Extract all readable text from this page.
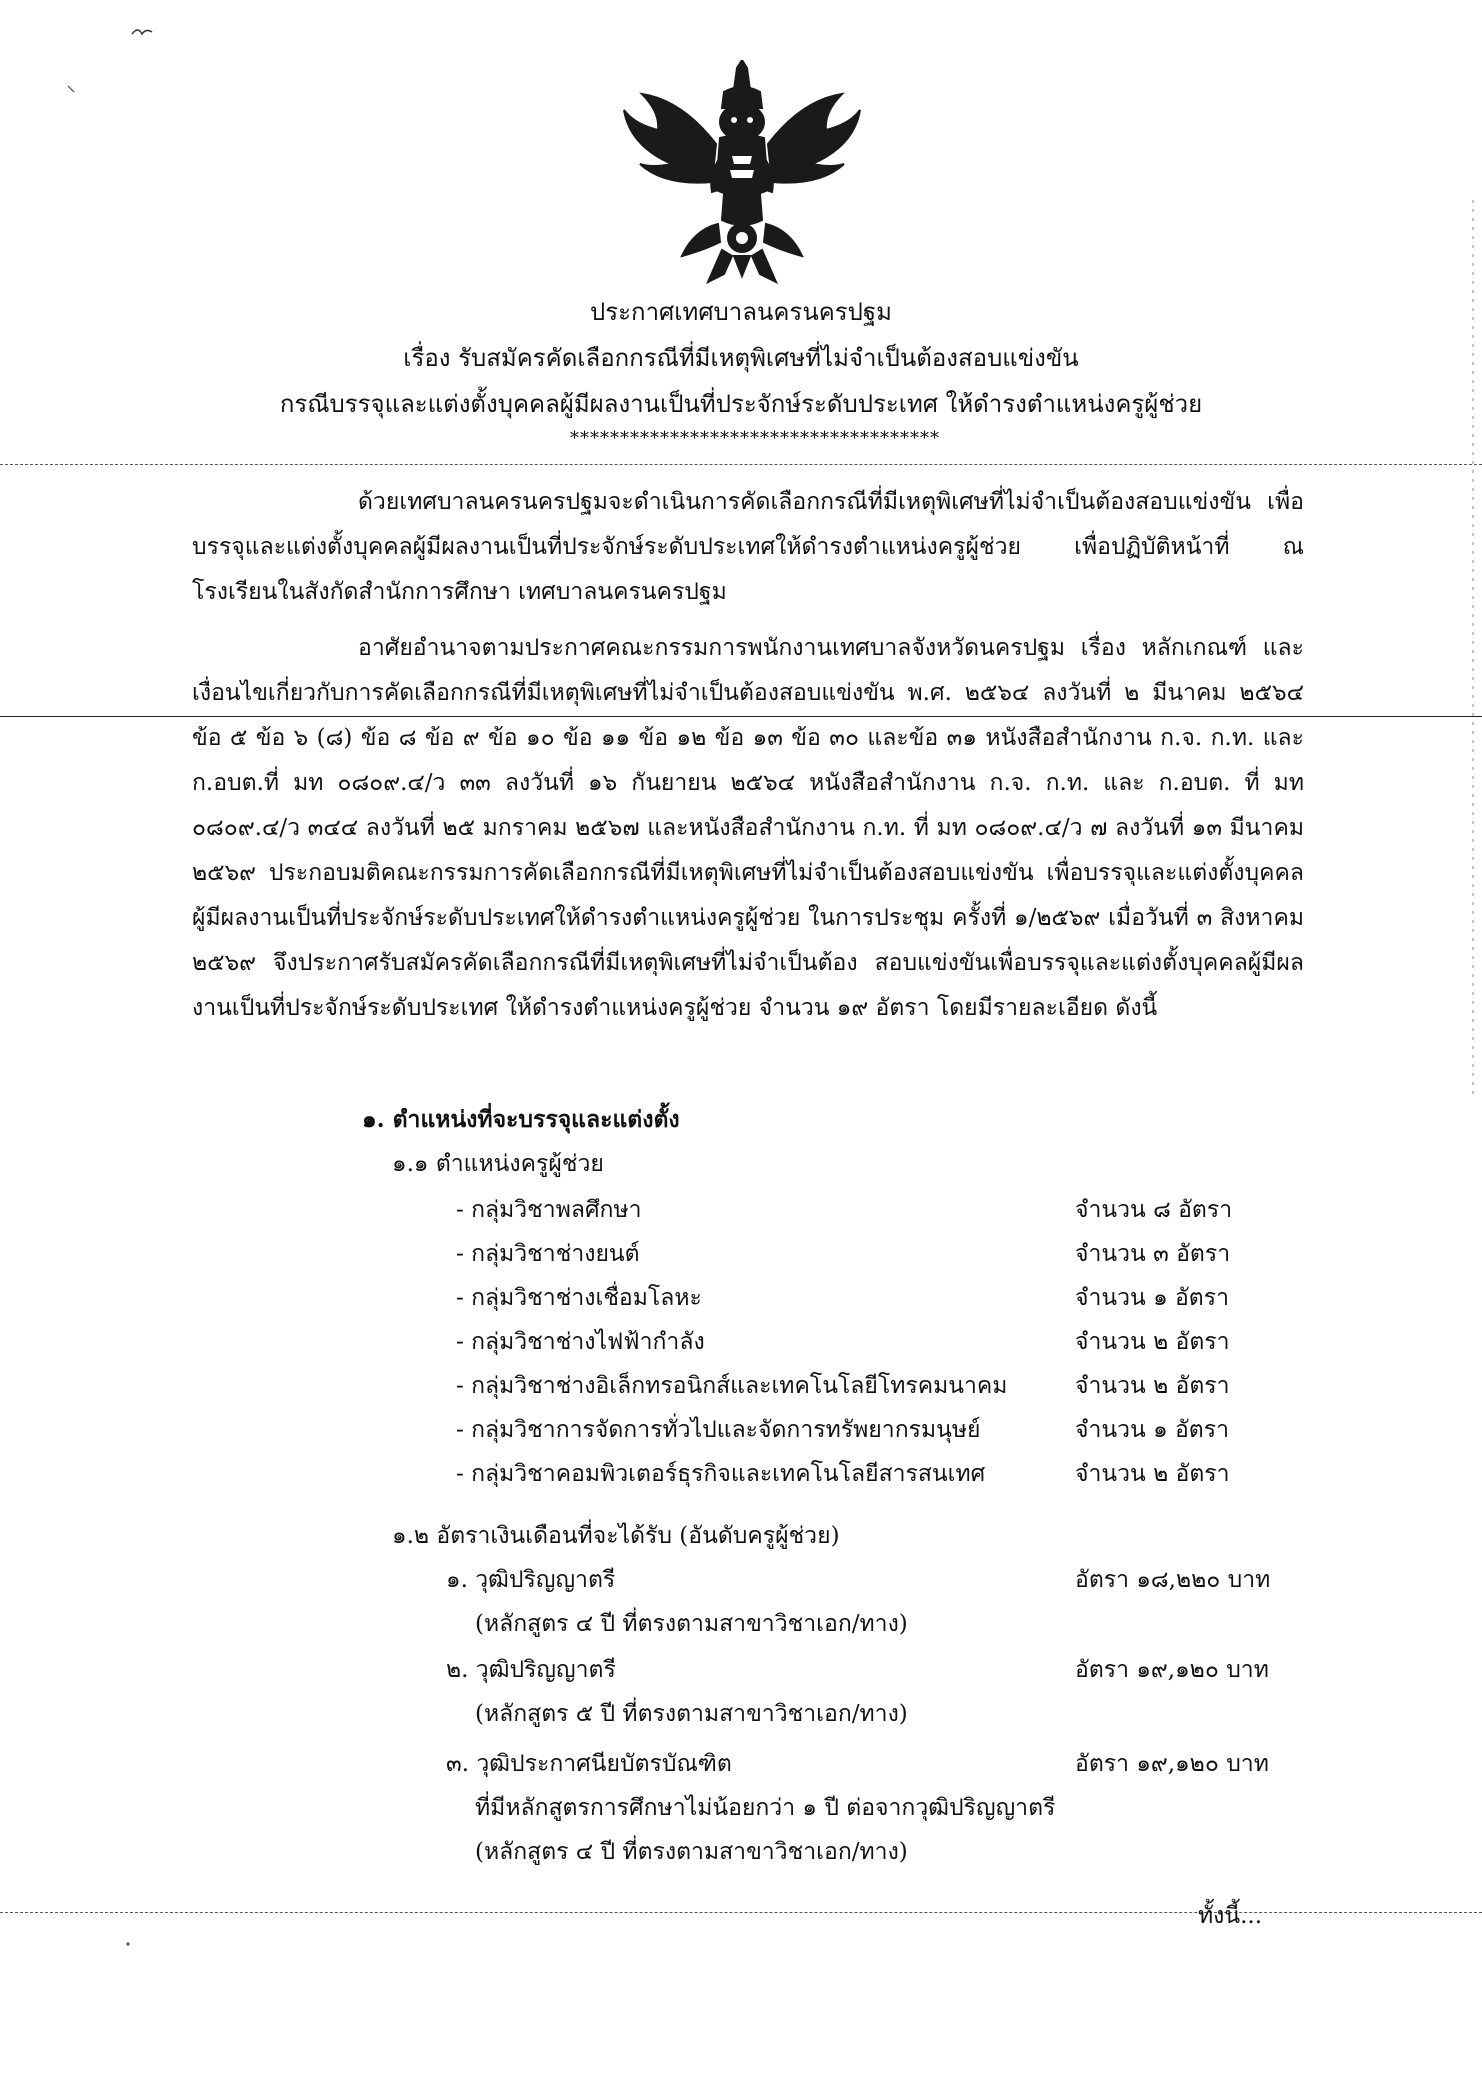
ประกาศเทศบาลนครนครปฐม
เรื่อง รับสมัครคัดเลือกกรณีที่มีเหตุพิเศษที่ไม่จำเป็นต้องสอบแข่งขัน
กรณีบรรจุและแต่งตั้งบุคคลผู้มีผลงานเป็นที่ประจักษ์ระดับประเทศ ให้ดำรงตำแหน่งครูผู้ช่วย
*************************************

ด้วยเทศบาลนครนครปฐมจะดำเนินการคัดเลือกกรณีที่มีเหตุพิเศษที่ไม่จำเป็นต้องสอบแข่งขัน เพื่อบรรจุและแต่งตั้งบุคคลผู้มีผลงานเป็นที่ประจักษ์ระดับประเทศให้ดำรงตำแหน่งครูผู้ช่วย เพื่อปฏิบัติหน้าที่ ณ โรงเรียนในสังกัดสำนักการศึกษา เทศบาลนครนครปฐม

อาศัยอำนาจตามประกาศคณะกรรมการพนักงานเทศบาลจังหวัดนครปฐม เรื่อง หลักเกณฑ์ และเงื่อนไขเกี่ยวกับการคัดเลือกกรณีที่มีเหตุพิเศษที่ไม่จำเป็นต้องสอบแข่งขัน พ.ศ. ๒๕๖๔ ลงวันที่ ๒ มีนาคม ๒๕๖๔ ข้อ ๕ ข้อ ๖ (๘) ข้อ ๘ ข้อ ๙ ข้อ ๑๐ ข้อ ๑๑ ข้อ ๑๒ ข้อ ๑๓ ข้อ ๓๐ และข้อ ๓๑ หนังสือสำนักงาน ก.จ. ก.ท. และ ก.อบต.ที่ มท ๐๘๐๙.๔/ว ๓๓ ลงวันที่ ๑๖ กันยายน ๒๕๖๔ หนังสือสำนักงาน ก.จ. ก.ท. และ ก.อบต. ที่ มท ๐๘๐๙.๔/ว ๓๔๔ ลงวันที่ ๒๕ มกราคม ๒๕๖๗ และหนังสือสำนักงาน ก.ท. ที่ มท ๐๘๐๙.๔/ว ๗ ลงวันที่ ๑๓ มีนาคม ๒๕๖๙ ประกอบมติคณะกรรมการคัดเลือกกรณีที่มีเหตุพิเศษที่ไม่จำเป็นต้องสอบแข่งขัน เพื่อบรรจุและแต่งตั้งบุคคลผู้มีผลงานเป็นที่ประจักษ์ระดับประเทศให้ดำรงตำแหน่งครูผู้ช่วย ในการประชุม ครั้งที่ ๑/๒๕๖๙ เมื่อวันที่ ๓ สิงหาคม ๒๕๖๙ จึงประกาศรับสมัครคัดเลือกกรณีที่มีเหตุพิเศษที่ไม่จำเป็นต้อง สอบแข่งขันเพื่อบรรจุและแต่งตั้งบุคคลผู้มีผลงานเป็นที่ประจักษ์ระดับประเทศ ให้ดำรงตำแหน่งครูผู้ช่วย จำนวน ๑๙ อัตรา โดยมีรายละเอียด ดังนี้

๑. ตำแหน่งที่จะบรรจุและแต่งตั้ง
๑.๑ ตำแหน่งครูผู้ช่วย
- กลุ่มวิชาพลศึกษา	จำนวน ๘ อัตรา
- กลุ่มวิชาช่างยนต์	จำนวน ๓ อัตรา
- กลุ่มวิชาช่างเชื่อมโลหะ	จำนวน ๑ อัตรา
- กลุ่มวิชาช่างไฟฟ้ากำลัง	จำนวน ๒ อัตรา
- กลุ่มวิชาช่างอิเล็กทรอนิกส์และเทคโนโลยีโทรคมนาคม	จำนวน ๒ อัตรา
- กลุ่มวิชาการจัดการทั่วไปและจัดการทรัพยากรมนุษย์	จำนวน ๑ อัตรา
- กลุ่มวิชาคอมพิวเตอร์ธุรกิจและเทคโนโลยีสารสนเทศ	จำนวน ๒ อัตรา
๑.๒ อัตราเงินเดือนที่จะได้รับ (อันดับครูผู้ช่วย)
๑. วุฒิปริญญาตรี	อัตรา ๑๘,๒๒๐ บาท
(หลักสูตร ๔ ปี ที่ตรงตามสาขาวิชาเอก/ทาง)
๒. วุฒิปริญญาตรี	อัตรา ๑๙,๑๒๐ บาท
(หลักสูตร ๕ ปี ที่ตรงตามสาขาวิชาเอก/ทาง)
๓. วุฒิประกาศนียบัตรบัณฑิต	อัตรา ๑๙,๑๒๐ บาท
ที่มีหลักสูตรการศึกษาไม่น้อยกว่า ๑ ปี ต่อจากวุฒิปริญญาตรี
(หลักสูตร ๔ ปี ที่ตรงตามสาขาวิชาเอก/ทาง)
ทั้งนี้...
